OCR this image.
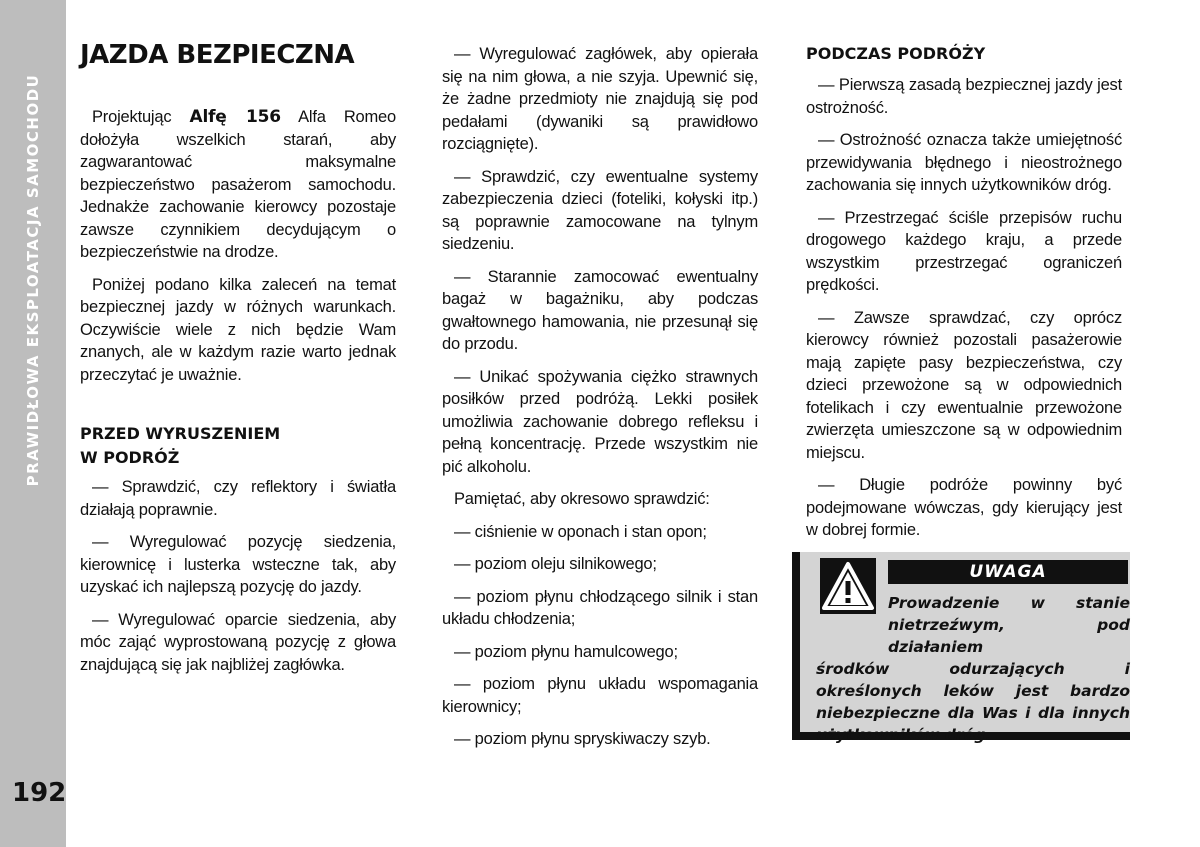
PRAWIDŁOWA EKSPLOATACJA SAMOCHODU
192
JAZDA BEZPIECZNA

Projektując Alfę 156 Alfa Romeo dołożyła wszelkich starań, aby zagwarantować maksymalne bezpieczeństwo pasażerom samochodu. Jednakże zachowanie kierowcy pozostaje zawsze czynnikiem decydującym o bezpieczeństwie na drodze.

Poniżej podano kilka zaleceń na temat bezpiecznej jazdy w różnych warunkach. Oczywiście wiele z nich będzie Wam znanych, ale w każdym razie warto jednak przeczytać je uważnie.

PRZED WYRUSZENIEM
W PODRÓŻ

— Sprawdzić, czy reflektory i światła działają poprawnie.

— Wyregulować pozycję siedzenia, kierownicę i lusterka wsteczne tak, aby uzyskać ich najlepszą pozycję do jazdy.

— Wyregulować oparcie siedzenia, aby móc zająć wyprostowaną pozycję z głowa znajdującą się jak najbliżej zagłówka.

— Wyregulować zagłówek, aby opierała się na nim głowa, a nie szyja. Upewnić się, że żadne przedmioty nie znajdują się pod pedałami (dywaniki są prawidłowo rozciągnięte).

— Sprawdzić, czy ewentualne systemy zabezpieczenia dzieci (foteliki, kołyski itp.) są poprawnie zamocowane na tylnym siedzeniu.

— Starannie zamocować ewentualny bagaż w bagażniku, aby podczas gwałtownego hamowania, nie przesunął się do przodu.

— Unikać spożywania ciężko strawnych posiłków przed podróżą. Lekki posiłek umożliwia zachowanie dobrego refleksu i pełną koncentrację. Przede wszystkim nie pić alkoholu.

Pamiętać, aby okresowo sprawdzić:

— ciśnienie w oponach i stan opon;

— poziom oleju silnikowego;

— poziom płynu chłodzącego silnik i stan układu chłodzenia;

— poziom płynu hamulcowego;

— poziom płynu układu wspomagania kierownicy;

— poziom płynu spryskiwaczy szyb.

PODCZAS PODRÓŻY

— Pierwszą zasadą bezpiecznej jazdy jest ostrożność.

— Ostrożność oznacza także umiejętność przewidywania błędnego i nieostrożnego zachowania się innych użytkowników dróg.

— Przestrzegać ściśle przepisów ruchu drogowego każdego kraju, a przede wszystkim przestrzegać ograniczeń prędkości.

— Zawsze sprawdzać, czy oprócz kierowcy również pozostali pasażerowie mają zapięte pasy bezpieczeństwa, czy dzieci przewożone są w odpowiednich fotelikach i czy ewentualnie przewożone zwierzęta umieszczone są w odpowiednim miejscu.

— Długie podróże powinny być podejmowane wówczas, gdy kierujący jest w dobrej formie.

UWAGA
Prowadzenie w stanie nietrzeźwym, pod działaniem
środków odurzających i określonych leków jest bardzo niebezpieczne dla Was i dla innych użytkowników dróg.
